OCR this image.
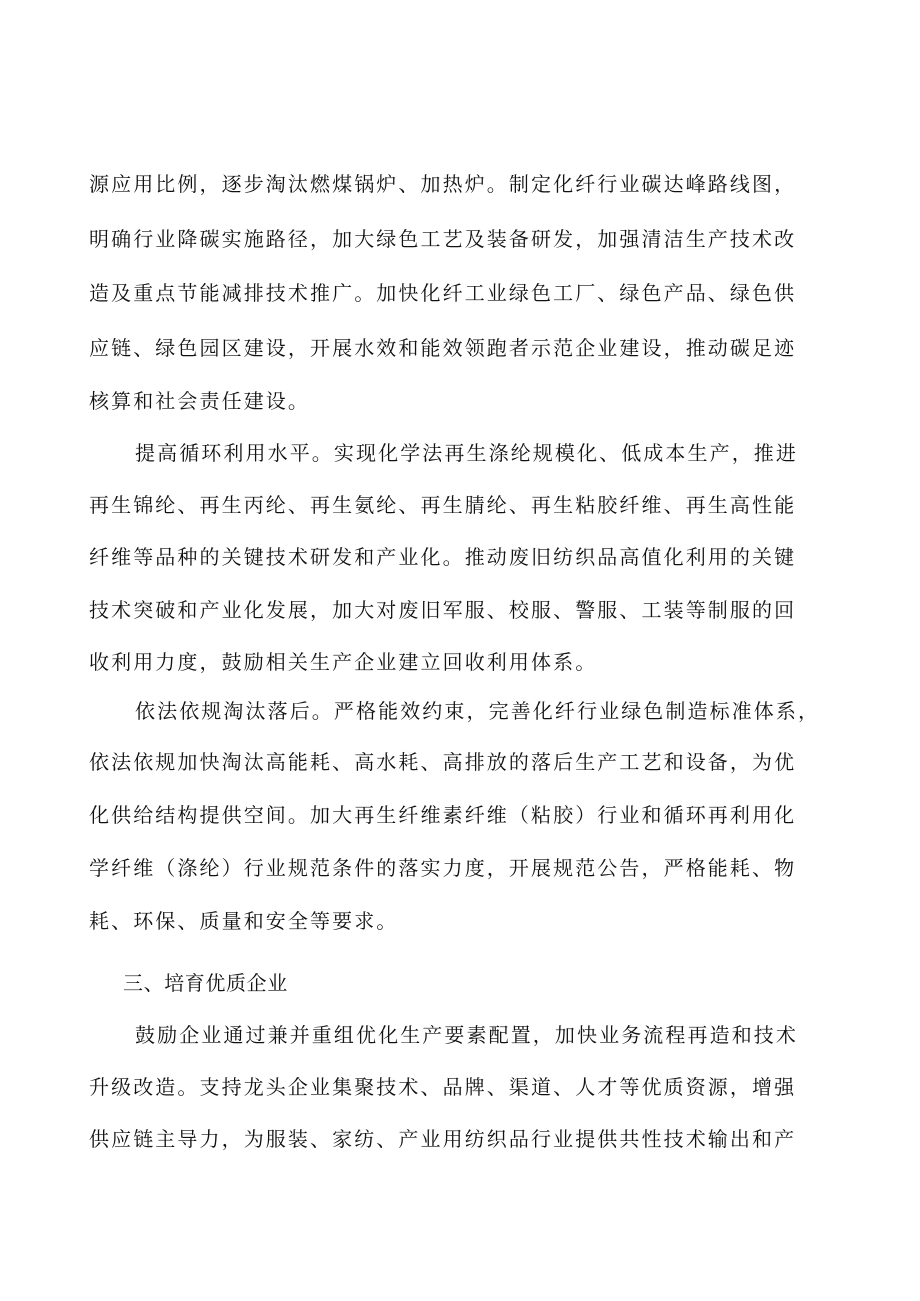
源应用比例，逐步淘汰燃煤锅炉、加热炉。制定化纤行业碳达峰路线图，
明确行业降碳实施路径，加大绿色工艺及装备研发，加强清洁生产技术改
造及重点节能减排技术推广。加快化纤工业绿色工厂、绿色产品、绿色供
应链、绿色园区建设，开展水效和能效领跑者示范企业建设，推动碳足迹
核算和社会责任建设。
提高循环利用水平。实现化学法再生涤纶规模化、低成本生产，推进
再生锦纶、再生丙纶、再生氨纶、再生腈纶、再生粘胶纤维、再生高性能
纤维等品种的关键技术研发和产业化。推动废旧纺织品高值化利用的关键
技术突破和产业化发展，加大对废旧军服、校服、警服、工装等制服的回
收利用力度，鼓励相关生产企业建立回收利用体系。
依法依规淘汰落后。严格能效约束，完善化纤行业绿色制造标准体系，
依法依规加快淘汰高能耗、高水耗、高排放的落后生产工艺和设备，为优
化供给结构提供空间。加大再生纤维素纤维（粘胶）行业和循环再利用化
学纤维（涤纶）行业规范条件的落实力度，开展规范公告，严格能耗、物
耗、环保、质量和安全等要求。
三、培育优质企业
鼓励企业通过兼并重组优化生产要素配置，加快业务流程再造和技术
升级改造。支持龙头企业集聚技术、品牌、渠道、人才等优质资源，增强
供应链主导力，为服装、家纺、产业用纺织品行业提供共性技术输出和产
